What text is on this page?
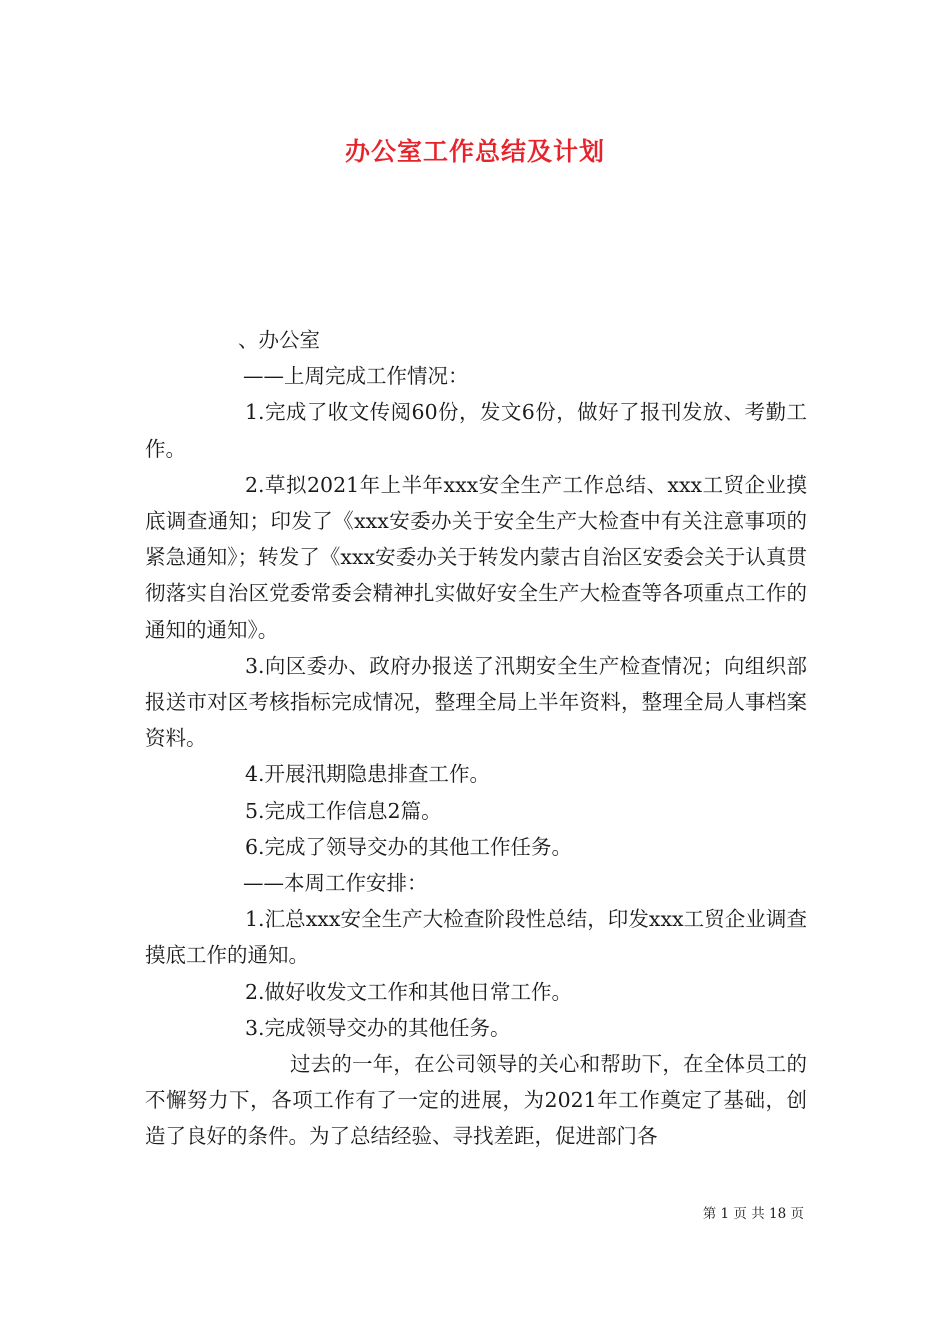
办公室工作总结及计划

、办公室

——上周完成工作情况：

1.完成了收文传阅60份，发文6份，做好了报刊发放、考勤工作。

2.草拟2021年上半年xxx安全生产工作总结、xxx工贸企业摸底调查通知；印发了《xxx安委办关于安全生产大检查中有关注意事项的紧急通知》；转发了《xxx安委办关于转发内蒙古自治区安委会关于认真贯彻落实自治区党委常委会精神扎实做好安全生产大检查等各项重点工作的通知的通知》。

3.向区委办、政府办报送了汛期安全生产检查情况；向组织部报送市对区考核指标完成情况，整理全局上半年资料，整理全局人事档案资料。

4.开展汛期隐患排查工作。

5.完成工作信息2篇。

6.完成了领导交办的其他工作任务。

——本周工作安排：

1.汇总xxx安全生产大检查阶段性总结，印发xxx工贸企业调查摸底工作的通知。

2.做好收发文工作和其他日常工作。

3.完成领导交办的其他任务。

过去的一年，在公司领导的关心和帮助下，在全体员工的不懈努力下，各项工作有了一定的进展，为2021年工作奠定了基础，创造了良好的条件。为了总结经验、寻找差距，促进部门各

第 1 页 共 18 页
